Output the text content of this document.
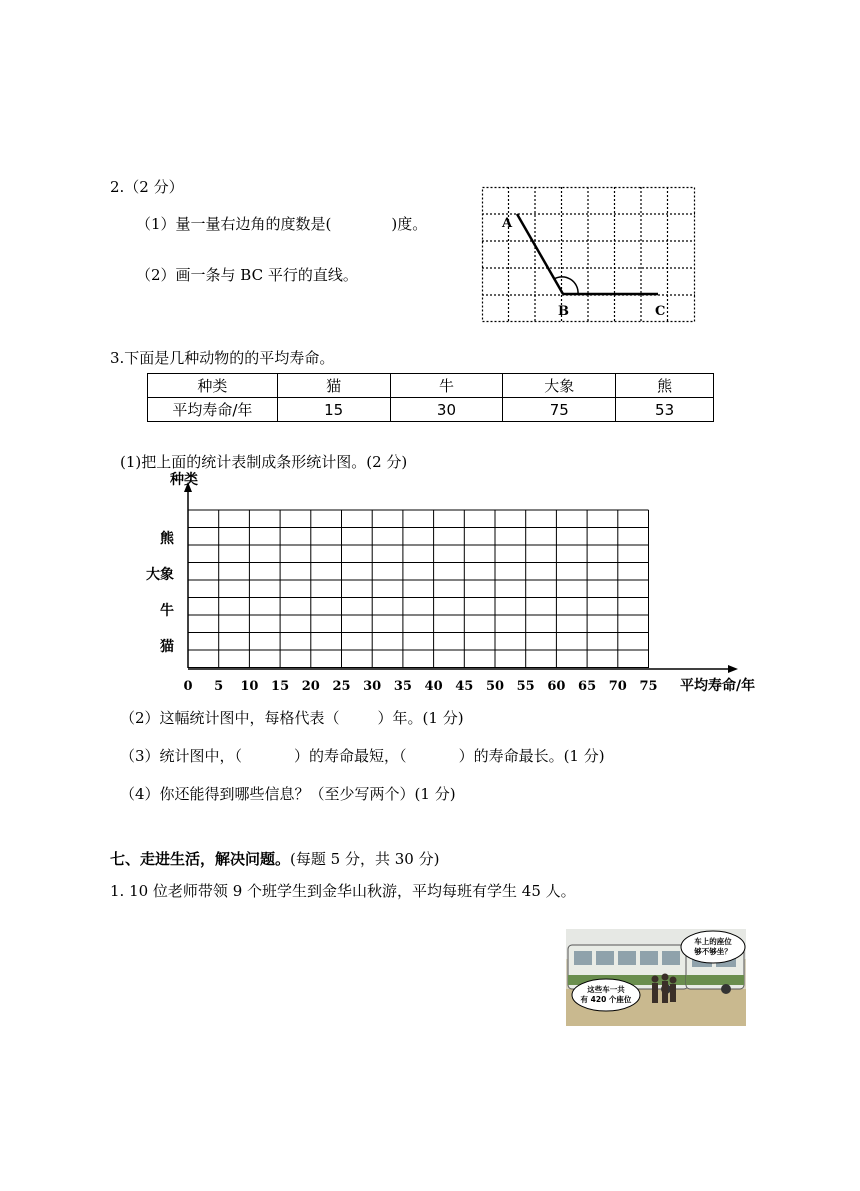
2.（2 分）
（1）量一量右边角的度数是(	)度。
（2）画一条与 BC 平行的直线。
A
B	C
3.下面是几种动物的的平均寿命。
种类	猫	牛	大象	熊
平均寿命/年	15	30	75	53
(1)把上面的统计表制成条形统计图。(2 分)
种类
平均寿命/年
熊
大象
牛
猫
0 5 10 15 20 25 30 35 40 45 50 55 60 65 70 75
（2）这幅统计图中，每格代表（	）年。(1 分)
（3）统计图中，（	）的寿命最短，（	）的寿命最长。(1 分)
（4）你还能得到哪些信息？（至少写两个）(1 分)
七、走进生活，解决问题。(每题 5 分，共 30 分)
1. 10 位老师带领 9 个班学生到金华山秋游，平均每班有学生 45 人。
车上的座位
够不够坐？
这些车一共
有 420 个座位
